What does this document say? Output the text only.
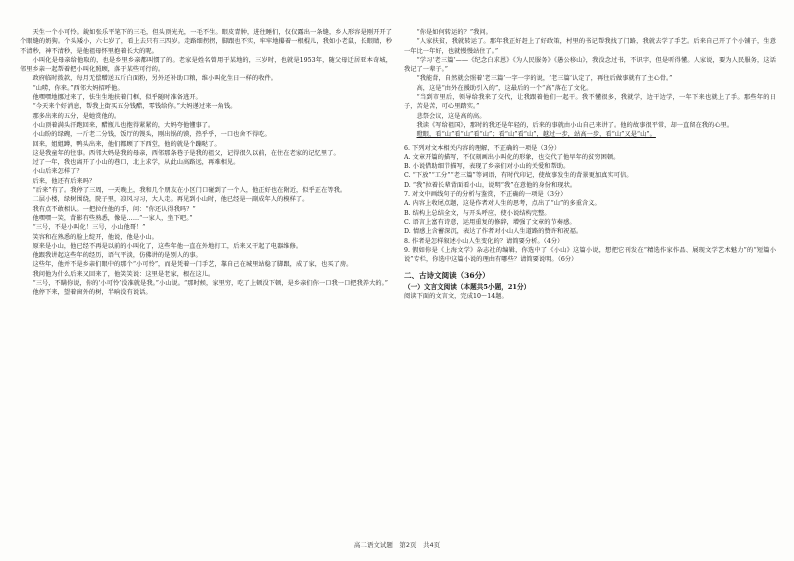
天生一个小可怜。銳如张乐平笔下的三毛，但头顶光光，一毛不生。眼皮青肿，进往睡们，仅仅露出一条缝，乡人形容是刚开开了个眼缝的奶狗。个头矮小，六七岁了，看上去只有三四岁。走路细拐拐，脚跟也不实，牢牢地攥着一根棍儿，我如小老鼠，长眼睛，秒不清秒，神不清秒，是他祖母怀里抱着长大的呢。

小叫化是母亲给他取的，也是乡里乡亲都叫惯了的。老家是姓名曾用于某地的，三岁时，也就是1953年，随父母迁居亚本奇城，邻里乡亲一起帮着把小叫化照顾，落于某些可行的。

政府临时拨款，每月无偿赠送五斤白面粉，另外还补助口粮，维小叫化生日一样的收件。

“山唠，你来。”西邻大妈招呼他。

他嘿嘿地挪过来了，怯生生地扶着门框，似乎随时准备逃开。

“今天来个好消息，帮我上街买五分钱醋，零钱给你。”大妈递过来一角钱。

那多出来的五分，是她赏他的。

小山顶着满头汗跑回来，醋瓶儿也抱得紧紧的，大妈夸他懂事了。

小山盼的绿碗，一斤老二分钱，饭厅的馒头，刚出锅的馍，热乎乎，一口也舍不得吃。

回来，姐姐蹲，鸭头出来，他们都顾了下西堂，他的就是个蹦哒了。

这是我童年的往事。西邻大妈是我的母亲，西邻那条巷子是我的祖父，记得很久以前，在住在老家的记忆里了。

过了一年，我也离开了小山的巷口，北上求学，从此山高路远，再难相见。

小山后来怎样了？

后来，他还有后来吗？

“后来”有了。我停了三周，一天晚上，我和几个朋友在小区门口碰到了一个人，他正好也在附近，似乎正在等我。

二层小楼，绿树围绕，院子里，凉风习习，大人走。再见到小山时，他已经是一副成年人的模样了。

我有点不敢相认。一把拉住他的手，问：“你还认得我吗？”

他嘿嘿一笑，背影有些熟悉，像是……“一家人，坐下吧。”

“三号，不是小叫化！三号，小山他哥！”

笑容和在熟悉的脸上绽开，他说，他是小山。

原来是小山，他已经不再是以前的小叫化了，这些年他一直在外地打工，后来又干起了电器维修。

他跟我讲起这些年的经历，语气平淡，仿佛讲的是别人的事。

这些年，他并不是乡亲们眼中的那个“小可怜”，而是凭着一门手艺，靠自己在城里站稳了脚跟，成了家，也买了房。

我问他为什么后来又回来了，他笑笑说：这里是老家，根在这儿。

“三号，不瞒你说，你的‘小可怜’没准就是我。”小山说。“那时候，家里穷，吃了上顿没下顿，是乡亲们你一口我一口把我养大的。”

他停下来，望着窗外的树，半晌没有说话。

“你是如何转运的？”我问。

“人家扶贫，我就转运了。那年我正好赶上了好政策，村里的书记帮我找了门路，我就去学了手艺。后来自己开了个小铺子，生意一年比一年好，也就慢慢站住了。”

“学习‘老三篇’——《纪念白求恩》《为人民服务》《愚公移山》，我没念过书，不识字，但是听得懂。人家说，要为人民服务，这话我记了一辈子。”

“我能背，自然就会照着‘老三篇’一字一字的说，‘老三篇’认定了，再往后做事就有了主心骨。”

高，这是“由外在援助引入的”，这最后的一个“高”落在了文化。

“当到市里后，领导给我来了交代，让我跟着他们一起干。我不懂很多，我就学，边干边学，一年下来也就上了手。那些年的日子，苦是苦，可心里踏实。”

悲祭会议，这是高的高。

我读《写给祖国》，那时的我还是年轻的，后来的事就由小山自己来讲了。他的故事很平常，却一直留在我的心里。

瞪眼，看“山”看“山”看“山”；看“山”看“山”，越过一步，站高一步，看“山”又是“山”。

6. 下列对文本相关内容的理解，不正确的一项是（3分）

A. 文章开篇的描写，不仅刻画出小叫化的形象，也交代了他早年的贫穷困顿。

B. 小说借助细节描写，表现了乡亲们对小山的关爱和帮助。

C. “下放”“工分”“老三篇”等词语，有时代印记，使故事发生的背景更加真实可信。

D. “我”拉着长辈背面看小山，说明“我”在意他的身份和现状。

7. 对文中画线句子的分析与鉴赏，不正确的一项是（3分）

A. 内容上收尾点题，这是作者对人生的思考，点出了“山”的多重含义。

B. 结构上总结全文，与开头呼应，使小说结构完整。

C. 语言上富有诗意，运用重复的修辞，增强了文章的节奏感。

D. 情感上含蓄深沉，表达了作者对小山人生道路的赞许和祝福。

8. 作者是怎样叙述小山人生变化的？请简要分析。（4分）

9. 假如你是《上海文学》杂志社的编辑，你选中了《小山》这篇小说，想把它刊发在“精选作家作品、展现文学艺术魅力”的“短篇小说”专栏，你选中这篇小说的理由有哪些？请简要说明。（6分）

二、古诗文阅读（36分）

（一）文言文阅读（本题共5小题，21分）

阅读下面的文言文，完成10～14题。

高二语文试题　第2页　共4页
